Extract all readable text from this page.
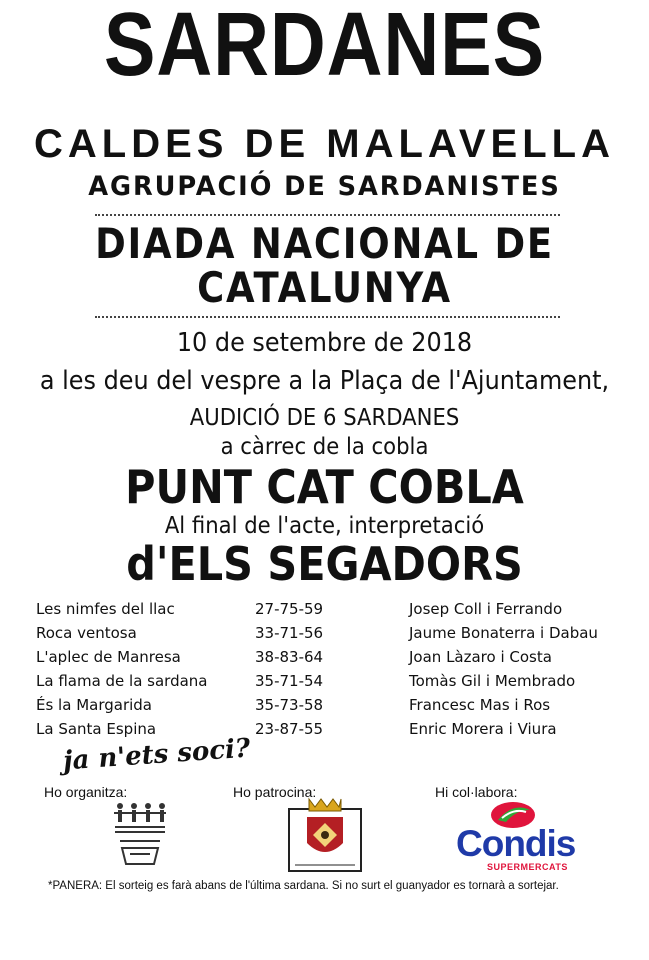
SARDANES
CALDES DE MALAVELLA
AGRUPACIÓ DE SARDANISTES
DIADA NACIONAL DE
CATALUNYA
10 de setembre de 2018
a les deu del vespre a la Plaça de l'Ajuntament,
AUDICIÓ DE 6 SARDANES
a càrrec de la cobla
PUNT CAT COBLA
Al final de l'acte, interpretació
d'ELS SEGADORS
Les nimfes del llac	27-75-59	Josep Coll i Ferrando
Roca ventosa	33-71-56	Jaume Bonaterra i Dabau
L'aplec de Manresa	38-83-64	Joan Làzaro i Costa
La flama de la sardana	35-71-54	Tomàs Gil i Membrado
És la Margarida	35-73-58	Francesc Mas i Ros
La Santa Espina	23-87-55	Enric Morera i Viura
ja n'ets soci?
Ho organitza:	Ho patrocina:	Hi col·labora:
Condis
SUPERMERCATS
*PANERA: El sorteig es farà abans de l'última sardana. Si no surt el guanyador es tornarà a sortejar.
